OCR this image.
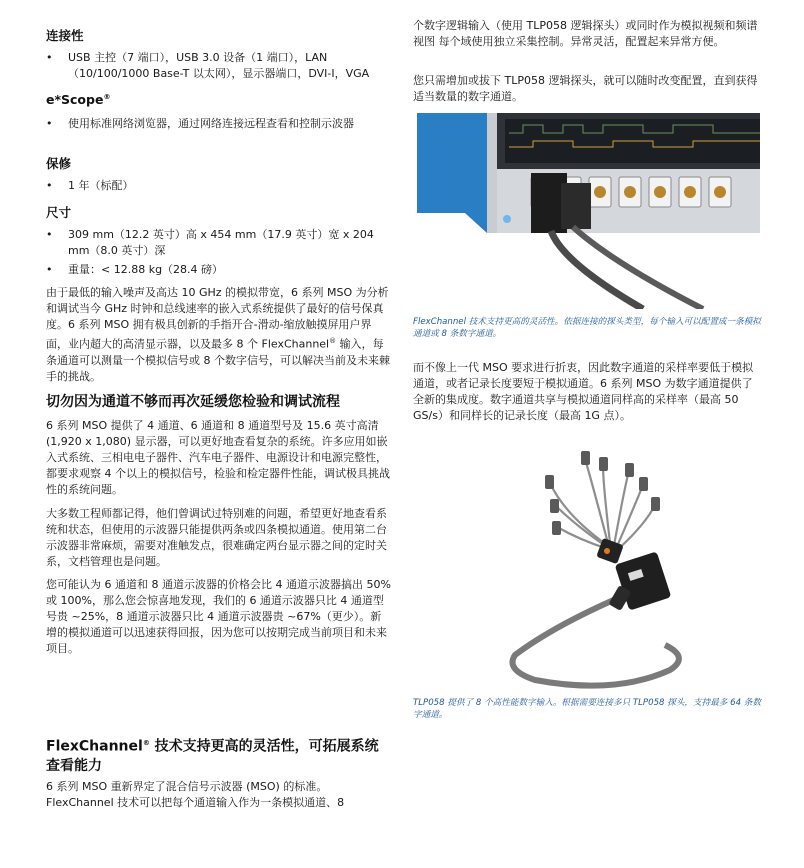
连接性
• USB 主控（7 端口），USB 3.0 设备（1 端口），LAN（10/100/1000 Base-T 以太网），显示器端口，DVI-I，VGA
e*Scope®
• 使用标准网络浏览器，通过网络连接远程查看和控制示波器
保修
• 1 年（标配）
尺寸
• 309 mm（12.2 英寸）高 x 454 mm（17.9 英寸）宽 x 204 mm（8.0 英寸）深
• 重量：< 12.88 kg（28.4 磅）
由于最低的输入噪声及高达 10 GHz 的模拟带宽，6 系列 MSO 为分析和调试当今 GHz 时钟和总线速率的嵌入式系统提供了最好的信号保真度。6 系列 MSO 拥有极具创新的手指开合-滑动-缩放触摸屏用户界面，业内超大的高清显示器，以及最多 8 个 FlexChannel® 输入，每条通道可以测量一个模拟信号或 8 个数字信号，可以解决当前及未来棘手的挑战。
切勿因为通道不够而再次延缓您检验和调试流程
6 系列 MSO 提供了 4 通道、6 通道和 8 通道型号及 15.6 英寸高清 (1,920 x 1,080) 显示器，可以更好地查看复杂的系统。许多应用如嵌入式系统、三相电电子器件、汽车电子器件、电源设计和电源完整性，都要求观察 4 个以上的模拟信号，检验和检定器件性能，调试极具挑战性的系统问题。
大多数工程师都记得，他们曾调试过特别难的问题，希望更好地查看系统和状态，但使用的示波器只能提供两条或四条模拟通道。使用第二台示波器非常麻烦，需要对准触发点，很难确定两台显示器之间的定时关系，文档管理也是问题。
您可能认为 6 通道和 8 通道示波器的价格会比 4 通道示波器搞出 50% 或 100%，那么您会惊喜地发现，我们的 6 通道示波器只比 4 通道型号贵 ~25%，8 通道示波器只比 4 通道示波器贵 ~67%（更少）。新增的模拟通道可以迅速获得回报，因为您可以按期完成当前项目和未来项目。
FlexChannel® 技术支持更高的灵活性，可拓展系统查看能力
6 系列 MSO 重新界定了混合信号示波器 (MSO) 的标准。FlexChannel 技术可以把每个通道输入作为一条模拟通道、8
个数字逻辑输入（使用 TLP058 逻辑探头）或同时作为模拟视频和频谱视图 每个域使用独立采集控制。异常灵活，配置起来异常方便。
您只需增加或拔下 TLP058 逻辑探头，就可以随时改变配置，直到获得适当数量的数字通道。
FlexChannel 技术支持更高的灵活性。依据连接的探头类型，每个输入可以配置成一条模拟通道或 8 条数字通道。
而不像上一代 MSO 要求进行折衷，因此数字通道的采样率要低于模拟通道，或者记录长度要短于模拟通道。6 系列 MSO 为数字通道提供了全新的集成度。数字通道共享与模拟通道同样高的采样率（最高 50 GS/s）和同样长的记录长度（最高 1G 点）。
TLP058 提供了 8 个高性能数字输入。根据需要连接多只 TLP058 探头，支持最多 64 条数字通道。
